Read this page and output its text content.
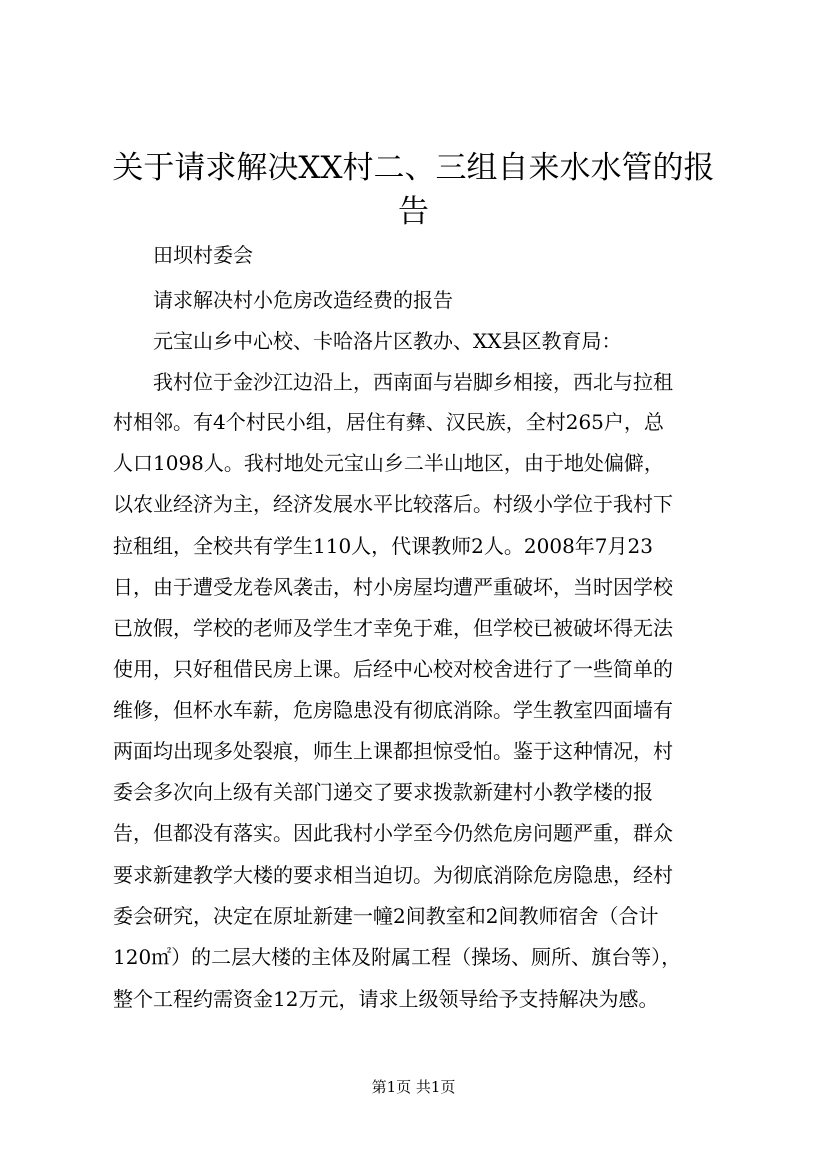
关于请求解决XX村二、三组自来水水管的报告
田坝村委会
请求解决村小危房改造经费的报告
元宝山乡中心校、卡哈洛片区教办、XX县区教育局：
我村位于金沙江边沿上，西南面与岩脚乡相接，西北与拉租
村相邻。有4个村民小组，居住有彝、汉民族，全村265户，总
人口1098人。我村地处元宝山乡二半山地区，由于地处偏僻，
以农业经济为主，经济发展水平比较落后。村级小学位于我村下
拉租组，全校共有学生110人，代课教师2人。2008年7月23
日，由于遭受龙卷风袭击，村小房屋均遭严重破坏，当时因学校
已放假，学校的老师及学生才幸免于难，但学校已被破坏得无法
使用，只好租借民房上课。后经中心校对校舍进行了一些简单的
维修，但杯水车薪，危房隐患没有彻底消除。学生教室四面墙有
两面均出现多处裂痕，师生上课都担惊受怕。鉴于这种情况，村
委会多次向上级有关部门递交了要求拨款新建村小教学楼的报
告，但都没有落实。因此我村小学至今仍然危房问题严重，群众
要求新建教学大楼的要求相当迫切。为彻底消除危房隐患，经村
委会研究，决定在原址新建一幢2间教室和2间教师宿舍（合计
120㎡）的二层大楼的主体及附属工程（操场、厕所、旗台等），
整个工程约需资金12万元，请求上级领导给予支持解决为感。
第1页 共1页
